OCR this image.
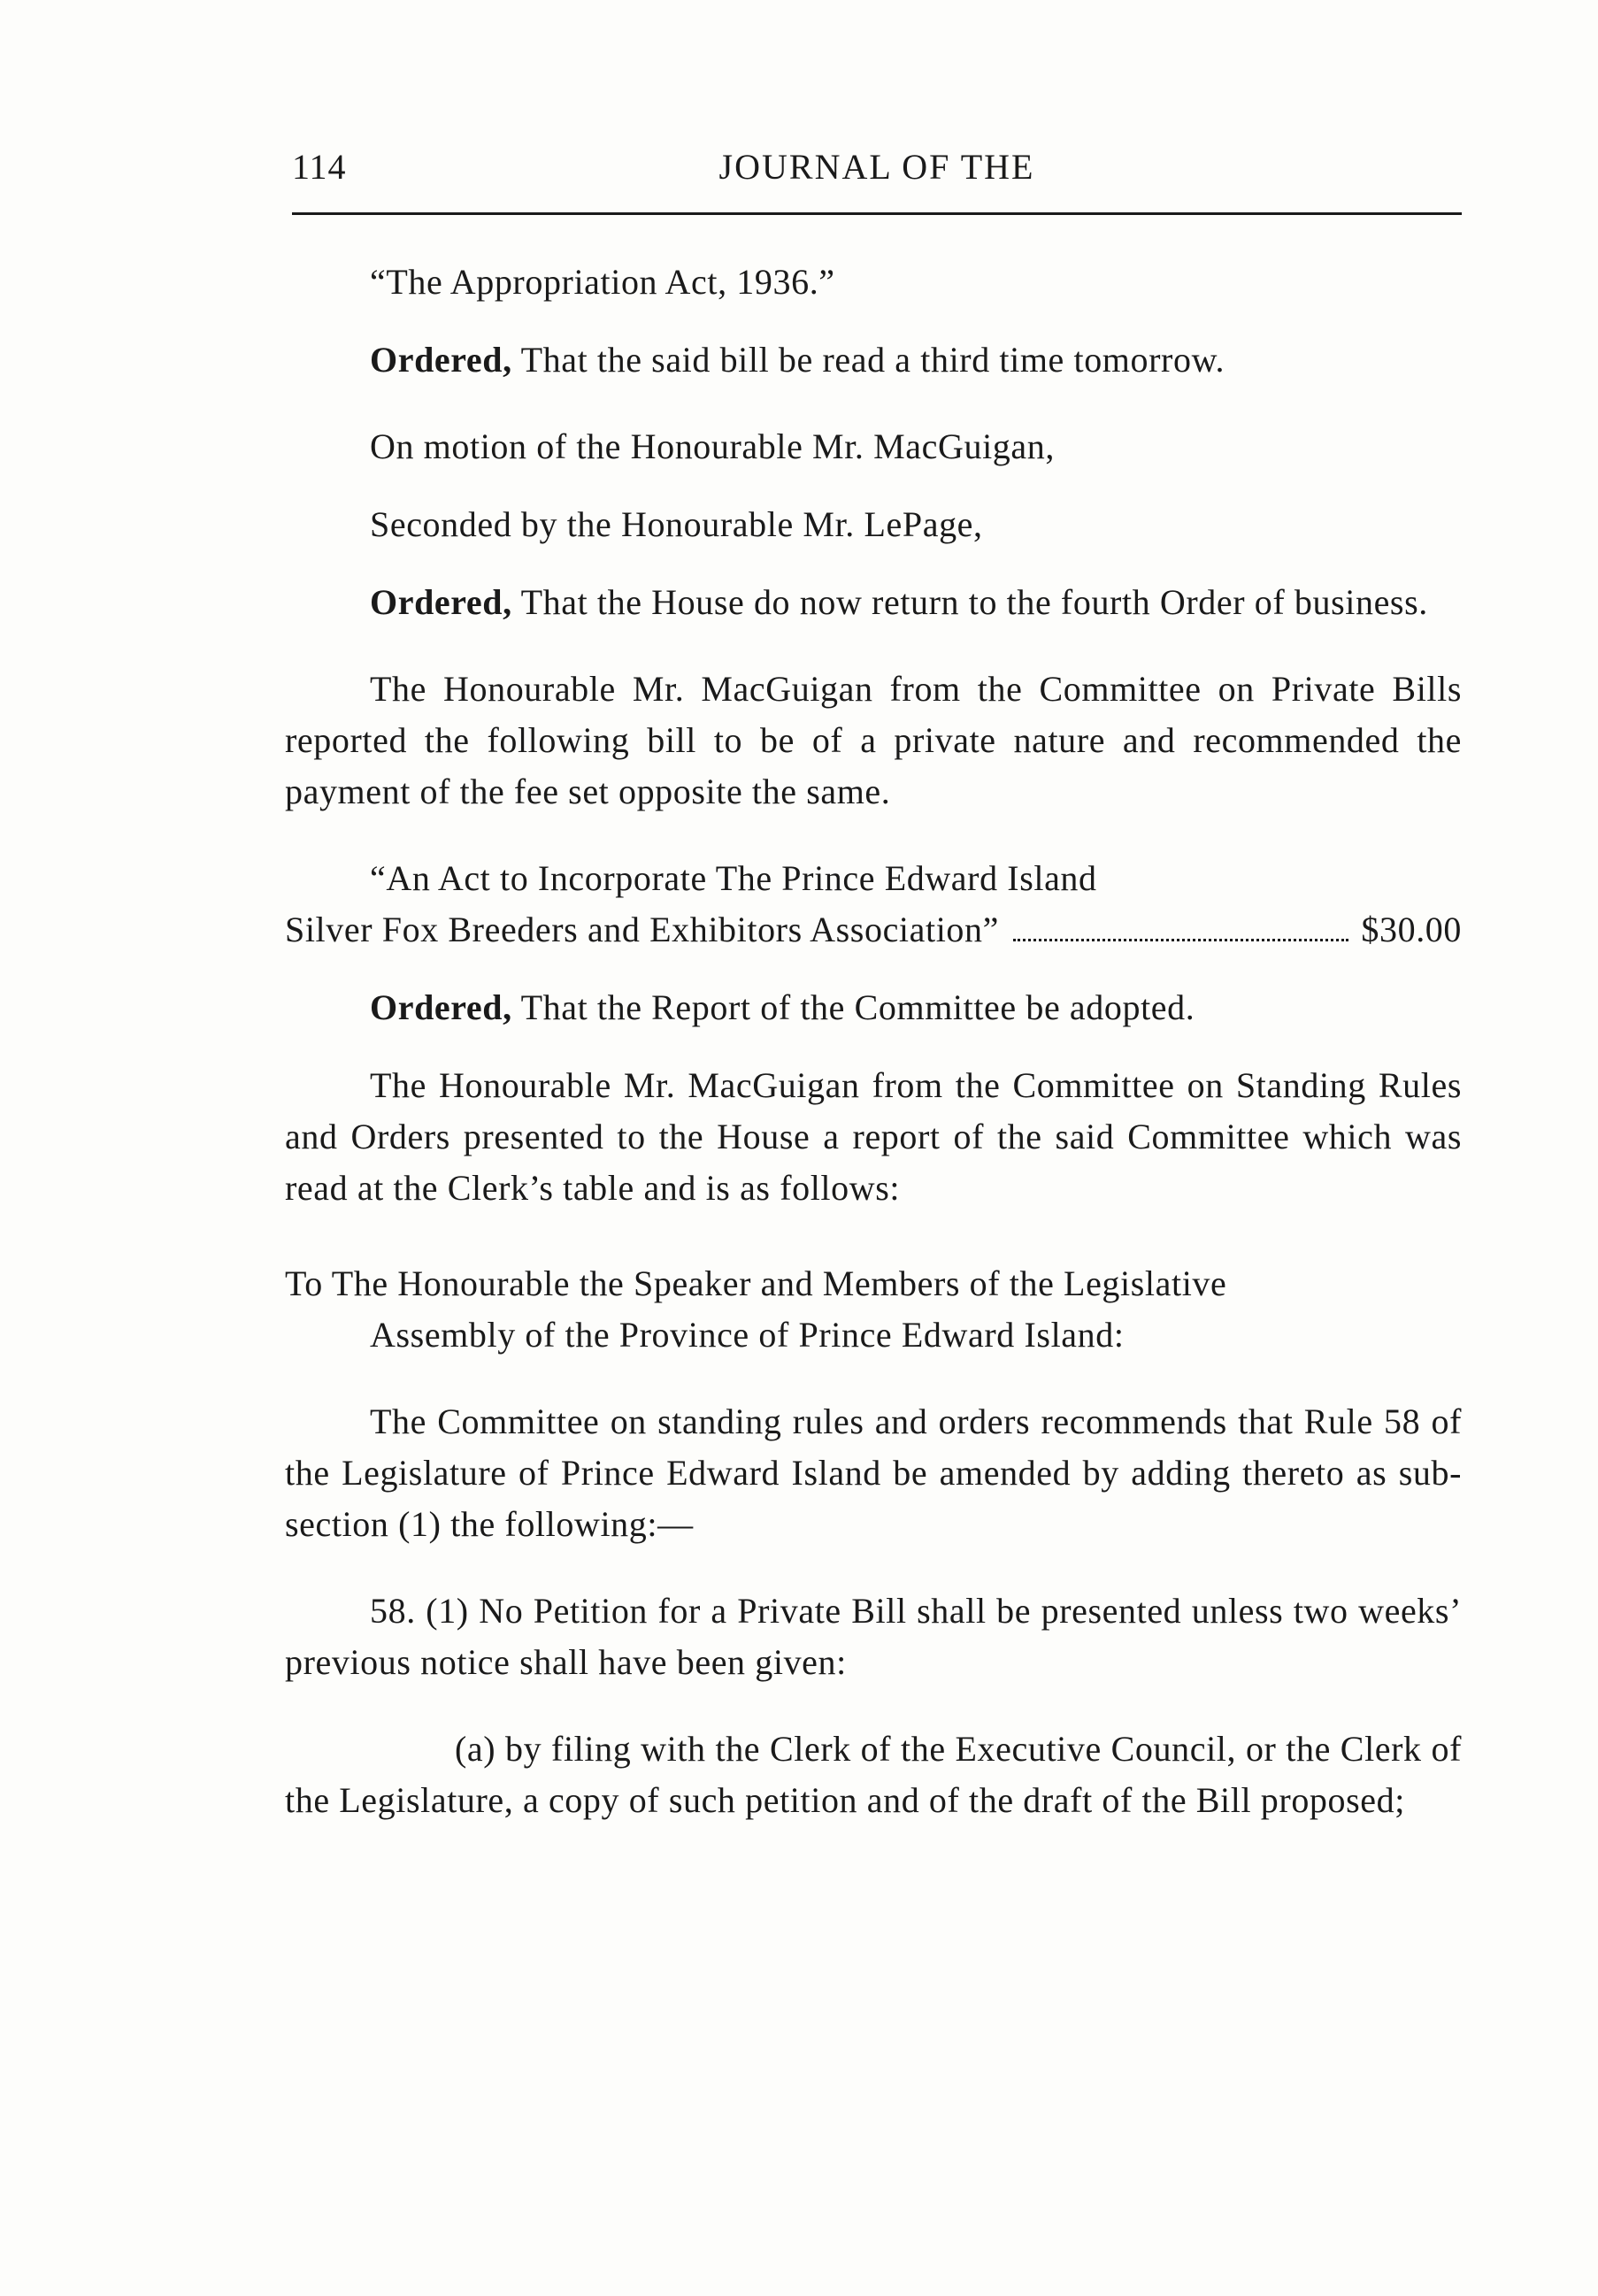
114	JOURNAL OF THE

“The Appropriation Act, 1936.”

Ordered, That the said bill be read a third time tomorrow.

On motion of the Honourable Mr. MacGuigan,

Seconded by the Honourable Mr. LePage,

Ordered, That the House do now return to the fourth Order of business.

The Honourable Mr. MacGuigan from the Committee on Private Bills reported the following bill to be of a private nature and recommended the payment of the fee set opposite the same.

“An Act to Incorporate The Prince Edward Island

Silver Fox Breeders and Exhibitors Association”	$30.00

Ordered, That the Report of the Committee be adopted.

The Honourable Mr. MacGuigan from the Committee on Standing Rules and Orders presented to the House a report of the said Committee which was read at the Clerk’s table and is as follows:

To The Honourable the Speaker and Members of the Legislative

Assembly of the Province of Prince Edward Island:

The Committee on standing rules and orders recommends that Rule 58 of the Legislature of Prince Edward Island be amended by adding thereto as sub-section (1) the following:—

58. (1) No Petition for a Private Bill shall be presented unless two weeks’ previous notice shall have been given:

(a) by filing with the Clerk of the Executive Council, or the Clerk of the Legislature, a copy of such petition and of the draft of the Bill proposed;
